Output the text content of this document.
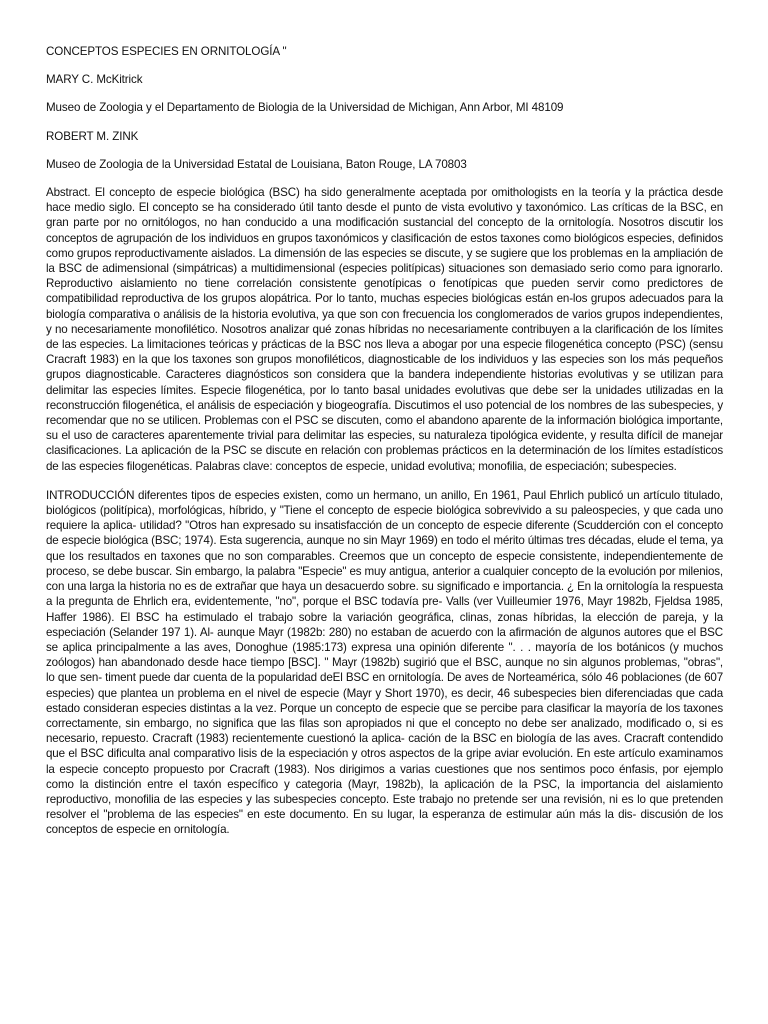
CONCEPTOS ESPECIES EN ORNITOLOGÍA "
MARY C. McKitrick
Museo de Zoologia y el Departamento de Biologia de la Universidad de Michigan, Ann Arbor, MI 48109
ROBERT M. ZINK
Museo de Zoologia de la Universidad Estatal de Louisiana, Baton Rouge, LA 70803
Abstract. El concepto de especie biológica (BSC) ha sido generalmente aceptada por omithologists en la teoría y la práctica desde hace medio siglo. El concepto se ha considerado útil tanto desde el punto de vista evolutivo y taxonómico. Las críticas de la BSC, en gran parte por no ornitólogos, no han conducido a una modificación sustancial del concepto de la ornitología. Nosotros discutir los conceptos de agrupación de los individuos en grupos taxonómicos y clasificación de estos taxones como biológicos especies, definidos como grupos reproductivamente aislados. La dimensión de las especies se discute, y se sugiere que los problemas en la ampliación de la BSC de adimensional (simpátricas) a multidimensional (especies politípicas) situaciones son demasiado serio como para ignorarlo. Reproductivo aislamiento no tiene correlación consistente genotípicas o fenotípicas que pueden servir como predictores de compatibilidad reproductiva de los grupos alopátrica. Por lo tanto, muchas especies biológicas están en-los grupos adecuados para la biología comparativa o análisis de la historia evolutiva, ya que son con frecuencia los conglomerados de varios grupos independientes, y no necesariamente monofilético. Nosotros analizar qué zonas híbridas no necesariamente contribuyen a la clarificación de los límites de las especies. La limitaciones teóricas y prácticas de la BSC nos lleva a abogar por una especie filogenética concepto (PSC) (sensu Cracraft 1983) en la que los taxones son grupos monofiléticos, diagnosticable de los individuos y las especies son los más pequeños grupos diagnosticable. Caracteres diagnósticos son considera que la bandera independiente historias evolutivas y se utilizan para delimitar las especies límites. Especie filogenética, por lo tanto basal unidades evolutivas que debe ser la unidades utilizadas en la reconstrucción filogenética, el análisis de especiación y biogeografía. Discutimos el uso potencial de los nombres de las subespecies, y recomendar que no se utilicen. Problemas con el PSC se discuten, como el abandono aparente de la información biológica importante, su el uso de caracteres aparentemente trivial para delimitar las especies, su naturaleza tipológica evidente, y resulta difícil de manejar clasificaciones. La aplicación de la PSC se discute en relación con problemas prácticos en la determinación de los límites estadísticos de las especies filogenéticas. Palabras clave: conceptos de especie, unidad evolutiva; monofilia, de especiación; subespecies.
INTRODUCCIÓN diferentes tipos de especies existen, como un hermano, un anillo, En 1961, Paul Ehrlich publicó un artículo titulado, biológicos (politípica), morfológicas, híbrido, y "Tiene el concepto de especie biológica sobrevivido a su paleospecies, y que cada uno requiere la aplica- utilidad? "Otros han expresado su insatisfacción de un concepto de especie diferente (Scudderción con el concepto de especie biológica (BSC; 1974). Esta sugerencia, aunque no sin Mayr 1969) en todo el mérito últimas tres décadas, elude el tema, ya que los resultados en taxones que no son comparables. Creemos que un concepto de especie consistente, independientemente de proceso, se debe buscar. Sin embargo, la palabra "Especie" es muy antigua, anterior a cualquier concepto de la evolución por milenios, con una larga la historia no es de extrañar que haya un desacuerdo sobre. su significado e importancia. ¿ En la ornitología la respuesta a la pregunta de Ehrlich era, evidentemente, "no", porque el BSC todavía pre- Valls (ver Vuilleumier 1976, Mayr 1982b, Fjeldsa 1985, Haffer 1986). El BSC ha estimulado el trabajo sobre la variación geográfica, clinas, zonas híbridas, la elección de pareja, y la especiación (Selander 197 1). Al- aunque Mayr (1982b: 280) no estaban de acuerdo con la afirmación de algunos autores que el BSC se aplica principalmente a las aves, Donoghue (1985:173) expresa una opinión diferente ". . . mayoría de los botánicos (y muchos zoólogos) han abandonado desde hace tiempo [BSC]. " Mayr (1982b) sugirió que el BSC, aunque no sin algunos problemas, "obras", lo que sen- timent puede dar cuenta de la popularidad deEl BSC en ornitología. De aves de Norteamérica, sólo 46 poblaciones (de 607 especies) que plantea un problema en el nivel de especie (Mayr y Short 1970), es decir, 46 subespecies bien diferenciadas que cada estado consideran especies distintas a la vez. Porque un concepto de especie que se percibe para clasificar la mayoría de los taxones correctamente, sin embargo, no significa que las filas son apropiados ni que el concepto no debe ser analizado, modificado o, si es necesario, repuesto. Cracraft (1983) recientemente cuestionó la aplica- cación de la BSC en biología de las aves. Cracraft contendido que el BSC dificulta anal comparativo lisis de la especiación y otros aspectos de la gripe aviar evolución. En este artículo examinamos la especie concepto propuesto por Cracraft (1983). Nos dirigimos a varias cuestiones que nos sentimos poco énfasis, por ejemplo como la distinción entre el taxón específico y categoria (Mayr, 1982b), la aplicación de la PSC, la importancia del aislamiento reproductivo, monofilia de las especies y las subespecies concepto. Este trabajo no pretende ser una revisión, ni es lo que pretenden resolver el "problema de las especies" en este documento. En su lugar, la esperanza de estimular aún más la dis- discusión de los conceptos de especie en ornitología.
